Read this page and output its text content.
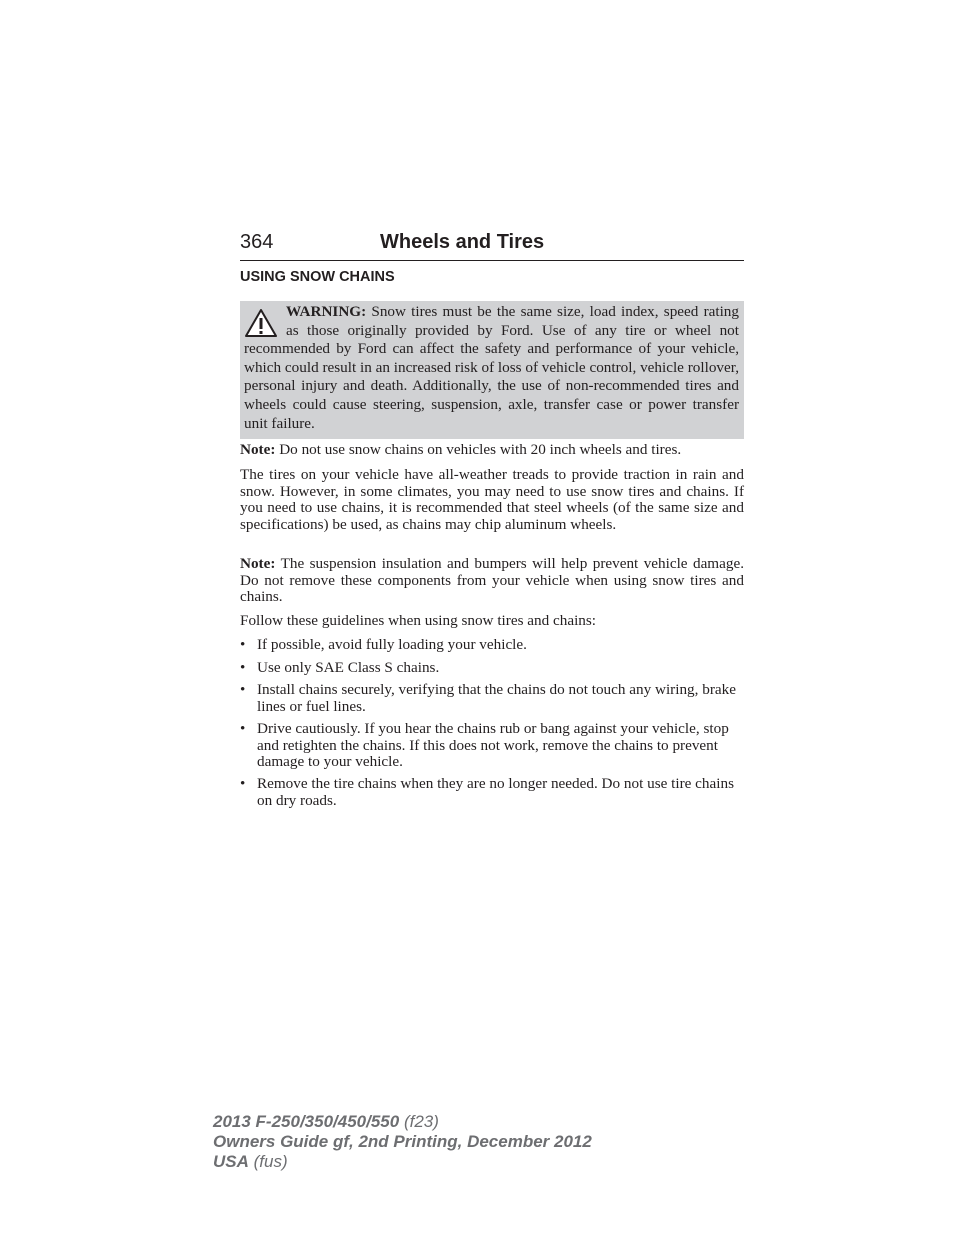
364	Wheels and Tires
USING SNOW CHAINS
WARNING: Snow tires must be the same size, load index, speed rating as those originally provided by Ford. Use of any tire or wheel not recommended by Ford can affect the safety and performance of your vehicle, which could result in an increased risk of loss of vehicle control, vehicle rollover, personal injury and death. Additionally, the use of non-recommended tires and wheels could cause steering, suspension, axle, transfer case or power transfer unit failure.

Note: Do not use snow chains on vehicles with 20 inch wheels and tires.

The tires on your vehicle have all-weather treads to provide traction in rain and snow. However, in some climates, you may need to use snow tires and chains. If you need to use chains, it is recommended that steel wheels (of the same size and specifications) be used, as chains may chip aluminum wheels.

Note: The suspension insulation and bumpers will help prevent vehicle damage. Do not remove these components from your vehicle when using snow tires and chains.

Follow these guidelines when using snow tires and chains:

• If possible, avoid fully loading your vehicle.
• Use only SAE Class S chains.
• Install chains securely, verifying that the chains do not touch any wiring, brake lines or fuel lines.
• Drive cautiously. If you hear the chains rub or bang against your vehicle, stop and retighten the chains. If this does not work, remove the chains to prevent damage to your vehicle.
• Remove the tire chains when they are no longer needed. Do not use tire chains on dry roads.
2013 F-250/350/450/550 (f23)
Owners Guide gf, 2nd Printing, December 2012
USA (fus)
